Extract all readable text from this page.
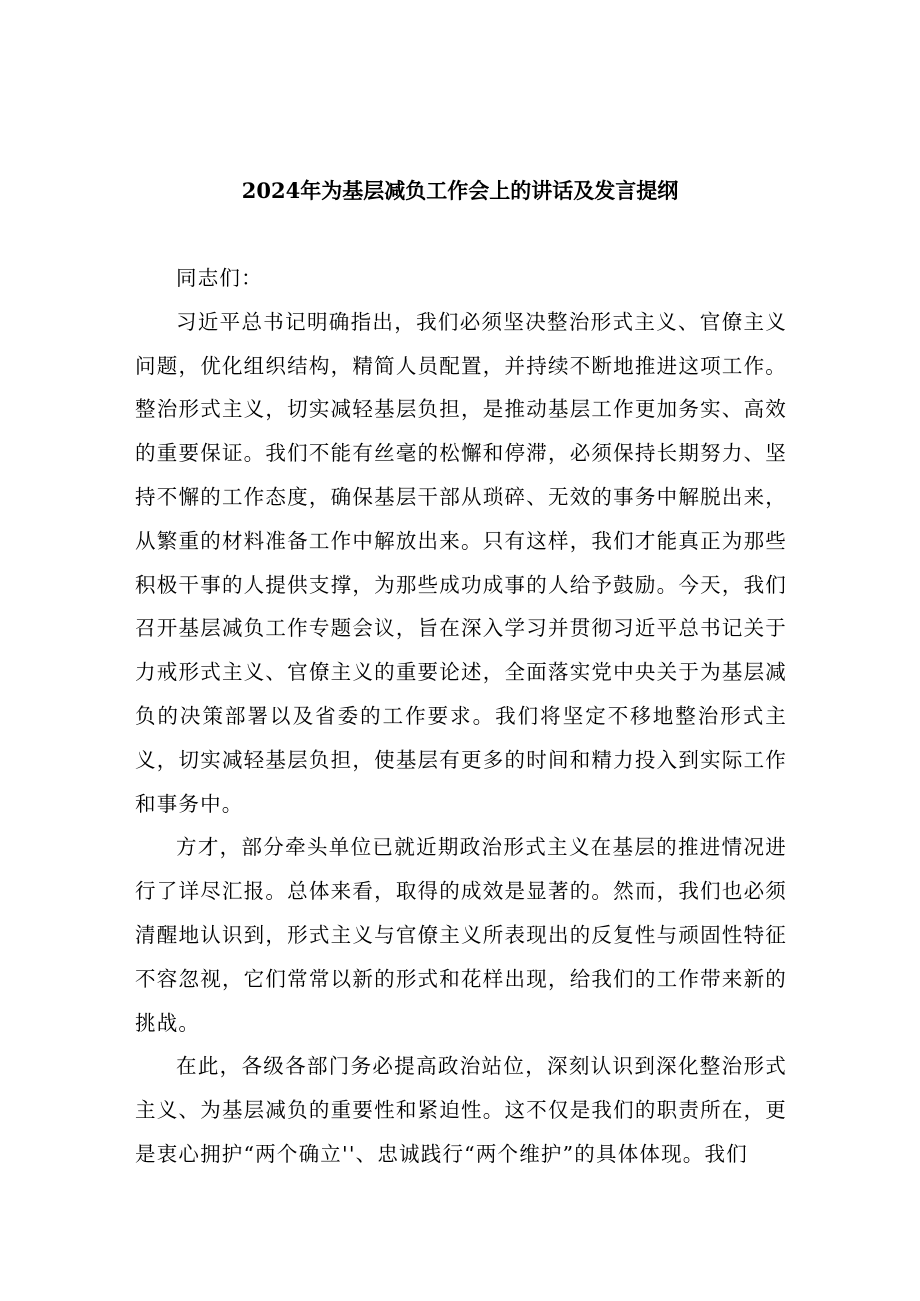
2024年为基层减负工作会上的讲话及发言提纲

同志们：

习近平总书记明确指出，我们必须坚决整治形式主义、官僚主义问题，优化组织结构，精简人员配置，并持续不断地推进这项工作。整治形式主义，切实减轻基层负担，是推动基层工作更加务实、高效的重要保证。我们不能有丝毫的松懈和停滞，必须保持长期努力、坚持不懈的工作态度，确保基层干部从琐碎、无效的事务中解脱出来，从繁重的材料准备工作中解放出来。只有这样，我们才能真正为那些积极干事的人提供支撑，为那些成功成事的人给予鼓励。今天，我们召开基层减负工作专题会议，旨在深入学习并贯彻习近平总书记关于力戒形式主义、官僚主义的重要论述，全面落实党中央关于为基层减负的决策部署以及省委的工作要求。我们将坚定不移地整治形式主义，切实减轻基层负担，使基层有更多的时间和精力投入到实际工作和事务中。

方才，部分牵头单位已就近期政治形式主义在基层的推进情况进行了详尽汇报。总体来看，取得的成效是显著的。然而，我们也必须清醒地认识到，形式主义与官僚主义所表现出的反复性与顽固性特征不容忽视，它们常常以新的形式和花样出现，给我们的工作带来新的挑战。

在此，各级各部门务必提高政治站位，深刻认识到深化整治形式主义、为基层减负的重要性和紧迫性。这不仅是我们的职责所在，更是衷心拥护“两个确立''、忠诚践行“两个维护”的具体体现。我们
